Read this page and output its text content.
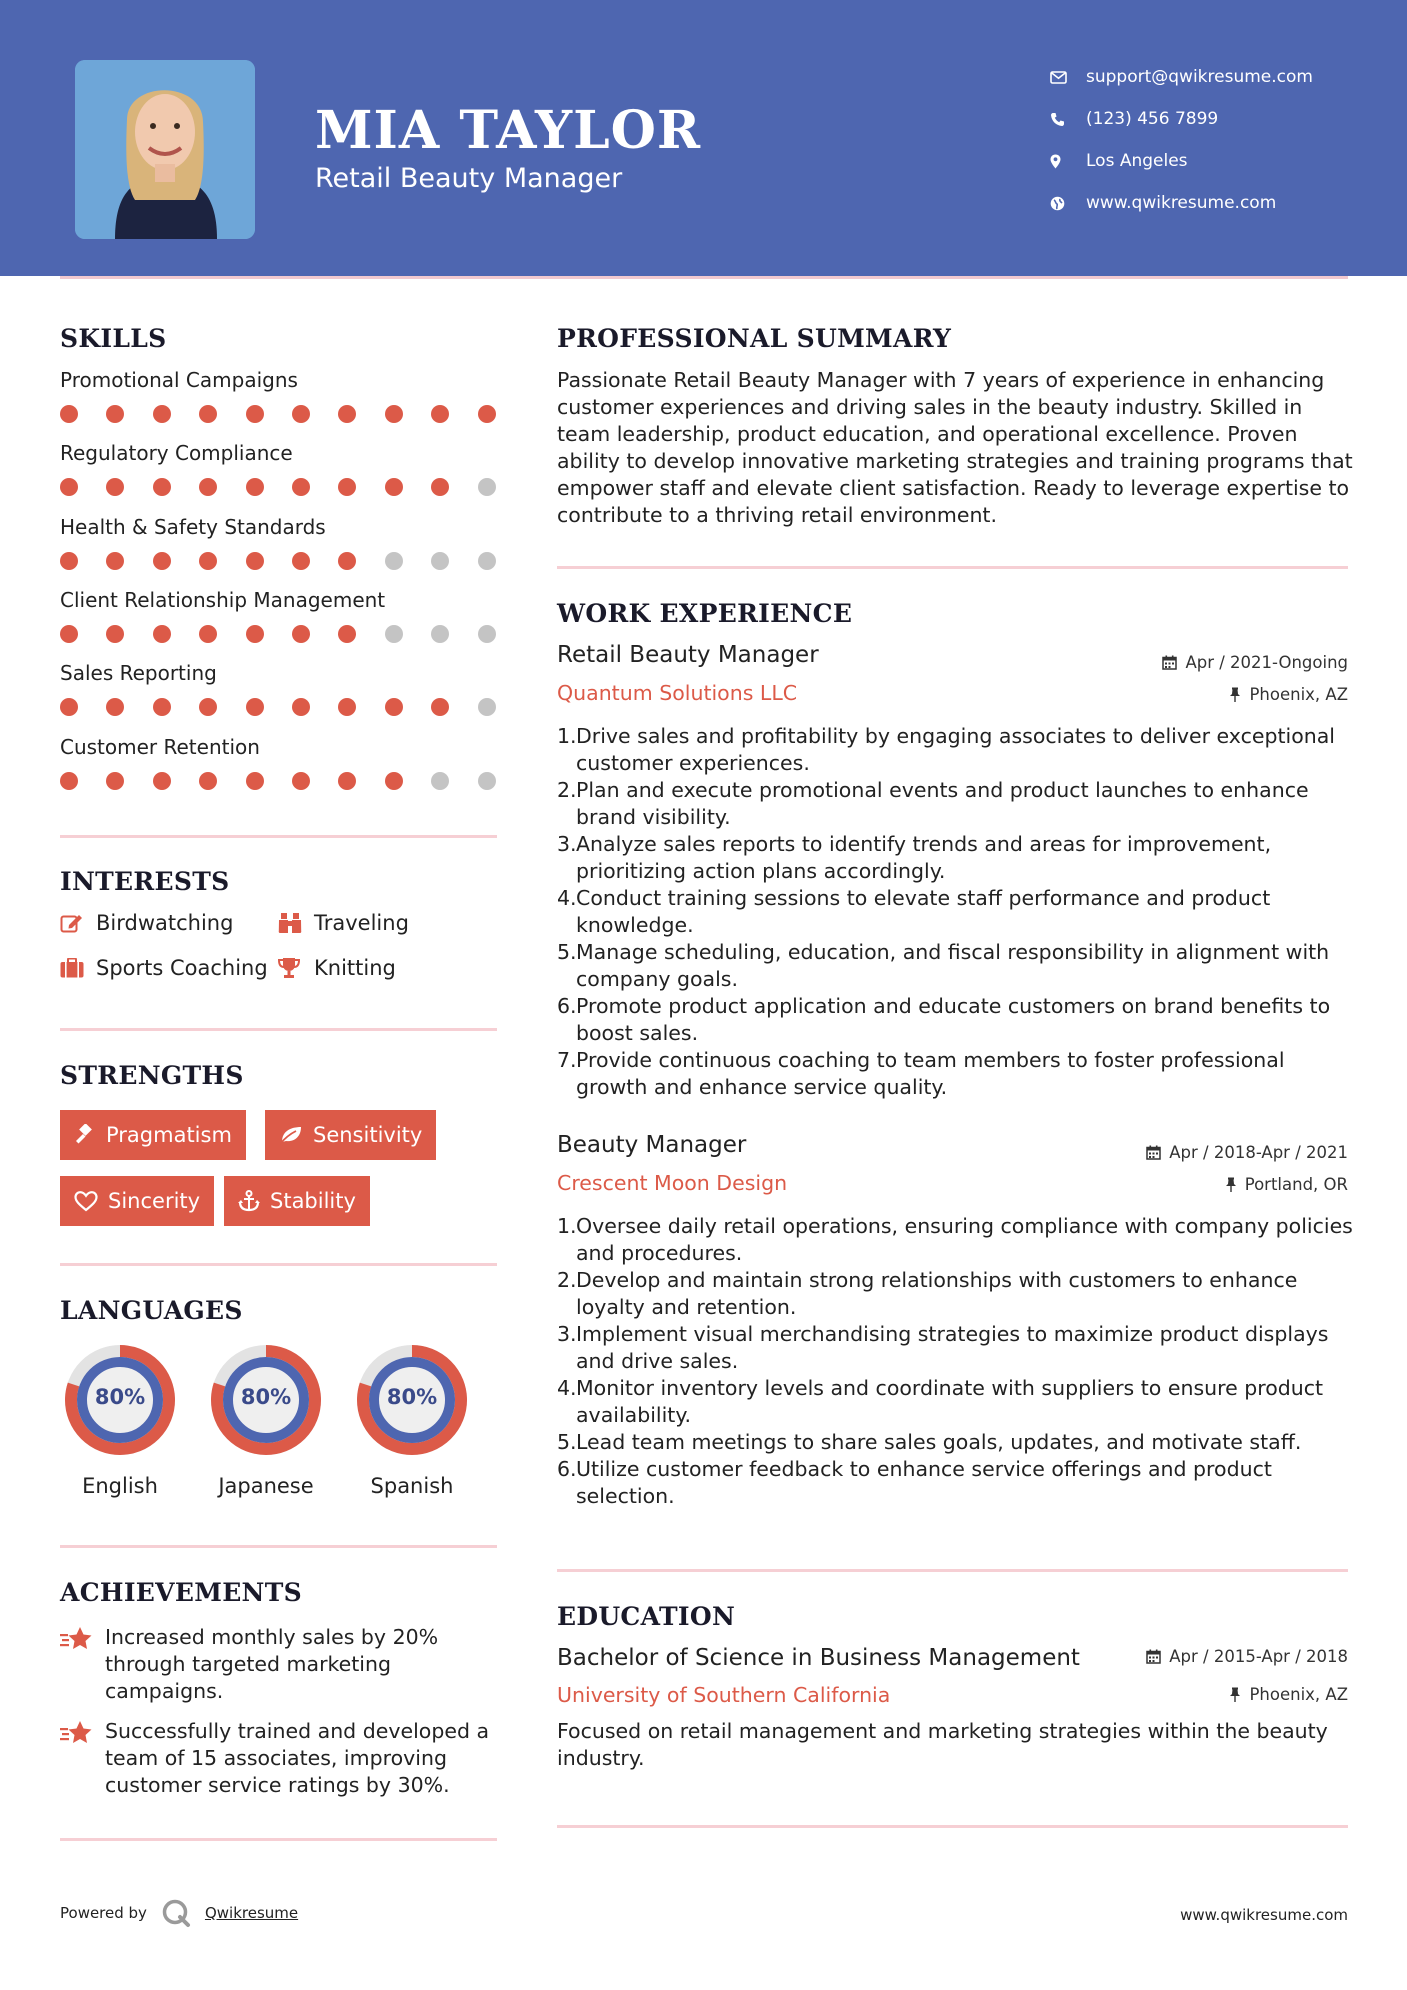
MIA TAYLOR
Retail Beauty Manager
support@qwikresume.com
(123) 456 7899
Los Angeles
www.qwikresume.com
SKILLS
Promotional Campaigns
Regulatory Compliance
Health & Safety Standards
Client Relationship Management
Sales Reporting
Customer Retention
INTERESTS
Birdwatching	Traveling
Sports Coaching Knitting
STRENGTHS
Pragmatism	Sensitivity
Sincerity	Stability
LANGUAGES
80%
English
80%
Japanese
80%
Spanish
ACHIEVEMENTS
Increased monthly sales by 20% through targeted marketing campaigns.
Successfully trained and developed a team of 15 associates, improving customer service ratings by 30%.
PROFESSIONAL SUMMARY
Passionate Retail Beauty Manager with 7 years of experience in enhancing customer experiences and driving sales in the beauty industry. Skilled in team leadership, product education, and operational excellence. Proven ability to develop innovative marketing strategies and training programs that empower staff and elevate client satisfaction. Ready to leverage expertise to contribute to a thriving retail environment.
WORK EXPERIENCE
Retail Beauty Manager	Apr / 2021-Ongoing
Quantum Solutions LLC	Phoenix, AZ
1. Drive sales and profitability by engaging associates to deliver exceptional customer experiences.
2. Plan and execute promotional events and product launches to enhance brand visibility.
3. Analyze sales reports to identify trends and areas for improvement, prioritizing action plans accordingly.
4. Conduct training sessions to elevate staff performance and product knowledge.
5. Manage scheduling, education, and fiscal responsibility in alignment with company goals.
6. Promote product application and educate customers on brand benefits to boost sales.
7. Provide continuous coaching to team members to foster professional growth and enhance service quality.
Beauty Manager	Apr / 2018-Apr / 2021
Crescent Moon Design	Portland, OR
1. Oversee daily retail operations, ensuring compliance with company policies and procedures.
2. Develop and maintain strong relationships with customers to enhance loyalty and retention.
3. Implement visual merchandising strategies to maximize product displays and drive sales.
4. Monitor inventory levels and coordinate with suppliers to ensure product availability.
5. Lead team meetings to share sales goals, updates, and motivate staff.
6. Utilize customer feedback to enhance service offerings and product selection.
EDUCATION
Bachelor of Science in Business Management	Apr / 2015-Apr / 2018
University of Southern California	Phoenix, AZ
Focused on retail management and marketing strategies within the beauty industry.
Powered by	Qwikresume	www.qwikresume.com
